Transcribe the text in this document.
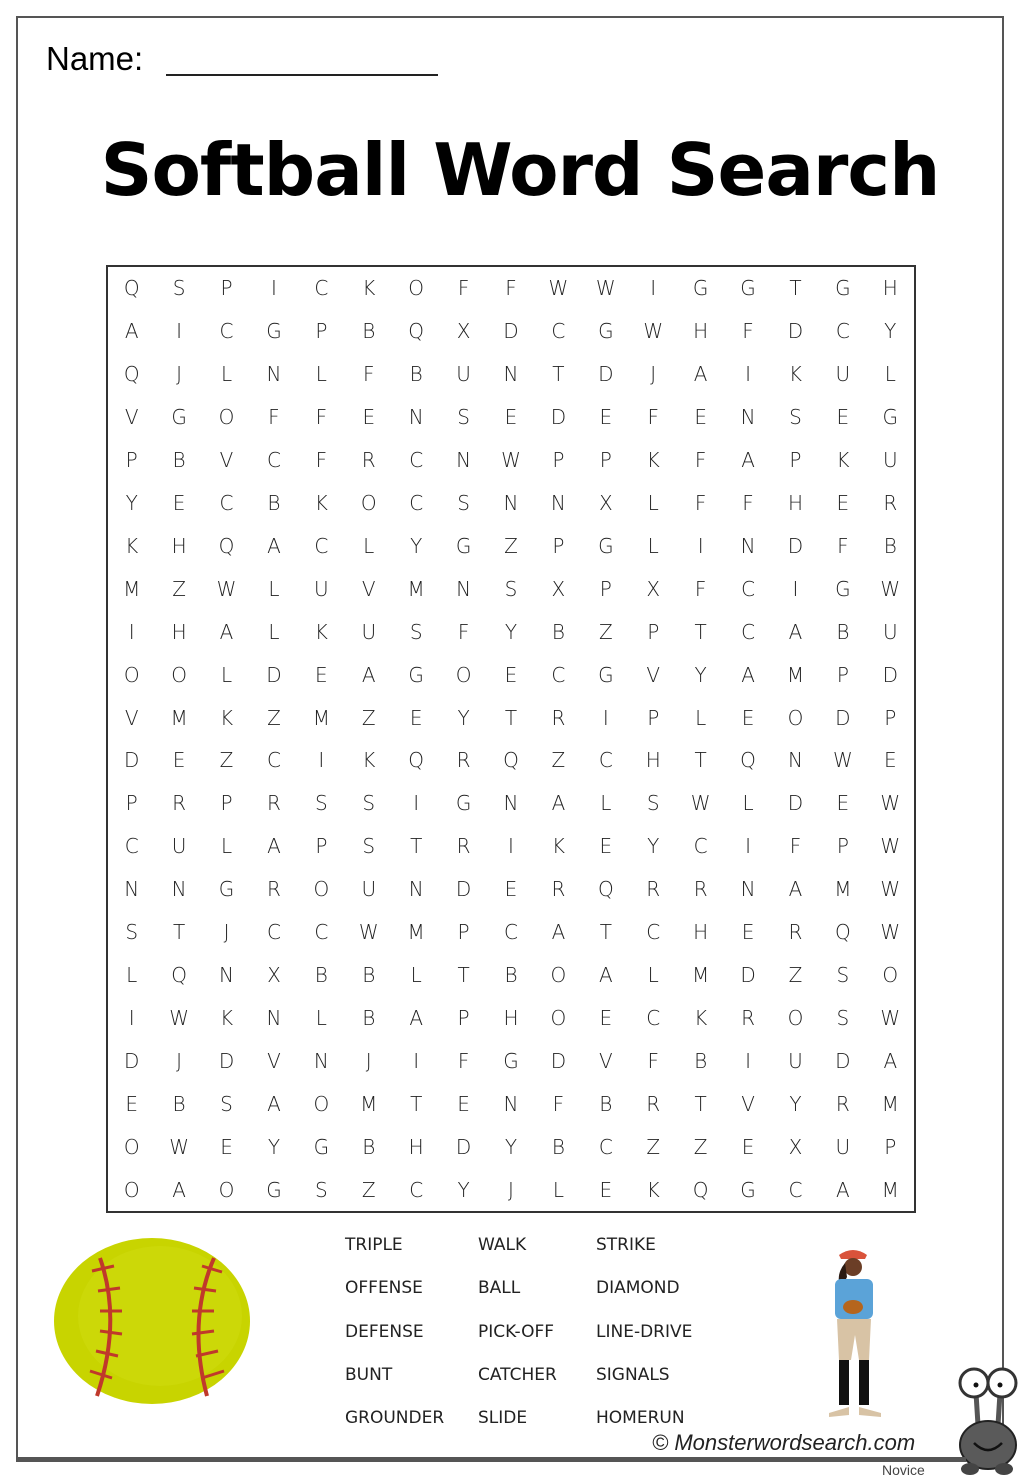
Name:
Softball Word Search
Q	S	P	I	C	K	O	F	F	W	W	I	G	G	T	G	H
A	I	C	G	P	B	Q	X	D	C	G	W	H	F	D	C	Y
Q	J	L	N	L	F	B	U	N	T	D	J	A	I	K	U	L
V	G	O	F	F	E	N	S	E	D	E	F	E	N	S	E	G
P	B	V	C	F	R	C	N	W	P	P	K	F	A	P	K	U
Y	E	C	B	K	O	C	S	N	N	X	L	F	F	H	E	R
K	H	Q	A	C	L	Y	G	Z	P	G	L	I	N	D	F	B
M	Z	W	L	U	V	M	N	S	X	P	X	F	C	I	G	W
I	H	A	L	K	U	S	F	Y	B	Z	P	T	C	A	B	U
O	O	L	D	E	A	G	O	E	C	G	V	Y	A	M	P	D
V	M	K	Z	M	Z	E	Y	T	R	I	P	L	E	O	D	P
D	E	Z	C	I	K	Q	R	Q	Z	C	H	T	Q	N	W	E
P	R	P	R	S	S	I	G	N	A	L	S	W	L	D	E	W
C	U	L	A	P	S	T	R	I	K	E	Y	C	I	F	P	W
N	N	G	R	O	U	N	D	E	R	Q	R	R	N	A	M	W
S	T	J	C	C	W	M	P	C	A	T	C	H	E	R	Q	W
L	Q	N	X	B	B	L	T	B	O	A	L	M	D	Z	S	O
I	W	K	N	L	B	A	P	H	O	E	C	K	R	O	S	W
D	J	D	V	N	J	I	F	G	D	V	F	B	I	U	D	A
E	B	S	A	O	M	T	E	N	F	B	R	T	V	Y	R	M
O	W	E	Y	G	B	H	D	Y	B	C	Z	Z	E	X	U	P
O	A	O	G	S	Z	C	Y	J	L	E	K	Q	G	C	A	M
TRIPLE
OFFENSE
DEFENSE
BUNT
GROUNDER
WALK
BALL
PICK-OFF
CATCHER
SLIDE
STRIKE
DIAMOND
LINE-DRIVE
SIGNALS
HOMERUN
© Monsterwordsearch.com
Novice
